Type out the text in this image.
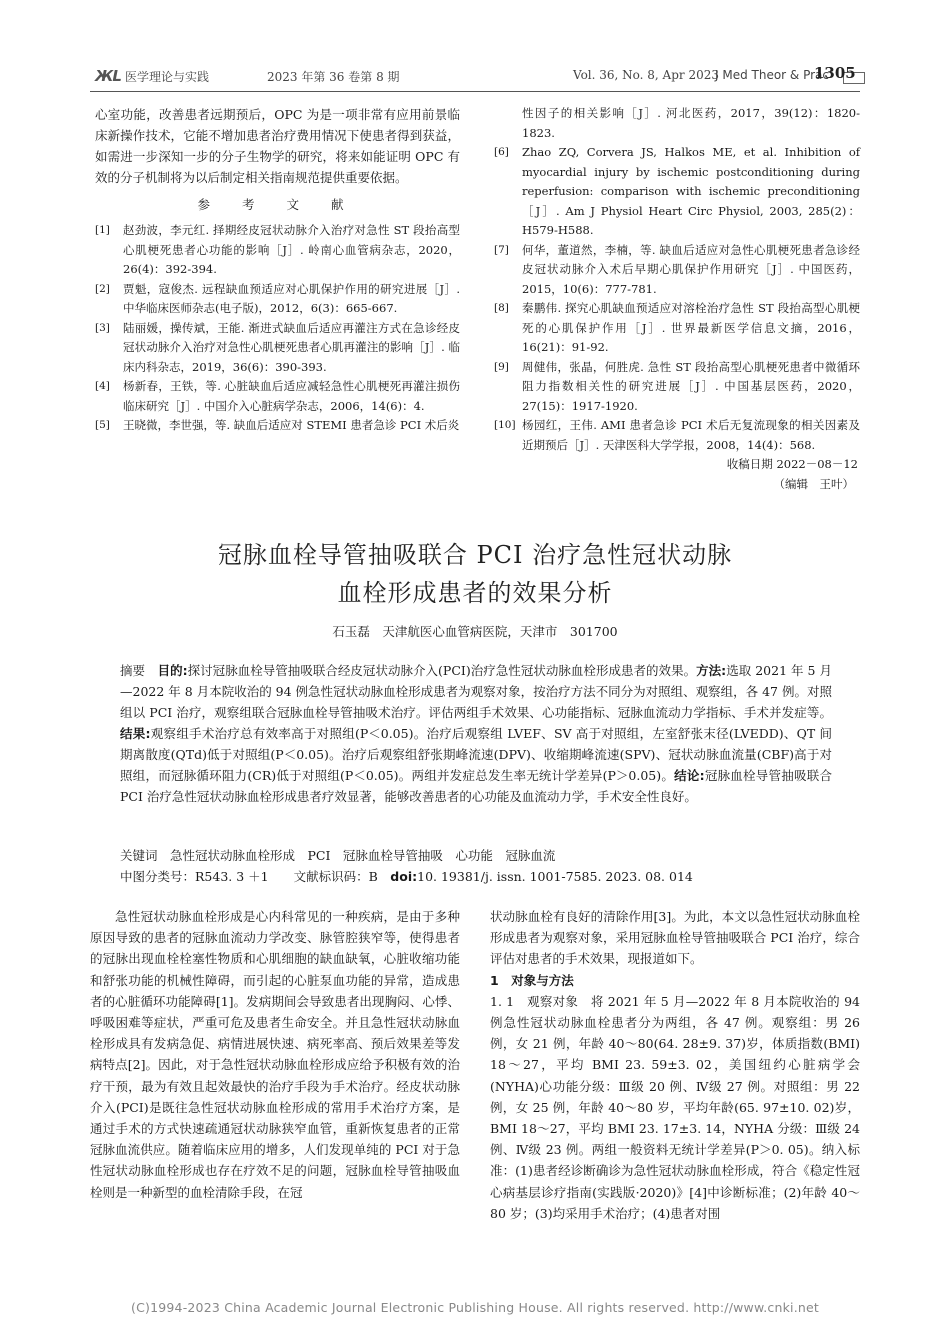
ЖL 医学理论与实践	2023 年第 36 卷第 8 期	Vol. 36, No. 8, Apr 2023
J Med Theor & Prac
1305

心室功能，改善患者远期预后，OPC 为是一项非常有应用前景临床新操作技术，它能不增加患者治疗费用情况下使患者得到获益，如需进一步深知一步的分子生物学的研究，将来如能证明 OPC 有效的分子机制将为以后制定相关指南规范提供重要依据。

参 考 文 献
[1]	赵劲波，李元红. 择期经皮冠状动脉介入治疗对急性 ST 段抬高型心肌梗死患者心功能的影响［J］. 岭南心血管病杂志，2020，26(4)：392-394.
[2]	贾魁，寇俊杰. 远程缺血预适应对心肌保护作用的研究进展［J］. 中华临床医师杂志(电子版)，2012，6(3)：665-667.
[3]	陆丽媛，操传斌，王能. 渐进式缺血后适应再灌注方式在急诊经皮冠状动脉介入治疗对急性心肌梗死患者心肌再灌注的影响［J］. 临床内科杂志，2019，36(6)：390-393.
[4]	杨新春，王铁，等. 心脏缺血后适应减轻急性心肌梗死再灌注损伤临床研究［J］. 中国介入心脏病学杂志，2006，14(6)：4.
[5]	王晓微，李世强，等. 缺血后适应对 STEMI 患者急诊 PCI 术后炎
性因子的相关影响［J］. 河北医药，2017，39(12)：1820-1823.
[6]	Zhao ZQ, Corvera JS, Halkos ME, et al. Inhibition of myocardial injury by ischemic postconditioning during reperfusion: comparison with ischemic preconditioning［J］. Am J Physiol Heart Circ Physiol, 2003, 285(2)：H579-H588.
[7]	何华，董道然，李楠，等. 缺血后适应对急性心肌梗死患者急诊经皮冠状动脉介入术后早期心肌保护作用研究［J］. 中国医药，2015，10(6)：777-781.
[8]	秦鹏伟. 探究心肌缺血预适应对溶栓治疗急性 ST 段抬高型心肌梗死的心肌保护作用［J］. 世界最新医学信息文摘，2016，16(21)：91-92.
[9]	周健伟，张晶，何胜虎. 急性 ST 段抬高型心肌梗死患者中微循环阻力指数相关性的研究进展［J］. 中国基层医药，2020，27(15)：1917-1920.
[10] 杨园红，王伟. AMI 患者急诊 PCI 术后无复流现象的相关因素及近期预后［J］. 天津医科大学学报，2008，14(4)：568.
收稿日期 2022－08－12
（编辑　王叶）
冠脉血栓导管抽吸联合 PCI 治疗急性冠状动脉
血栓形成患者的效果分析
石玉磊　天津航医心血管病医院，天津市　301700
摘要　 目的:探讨冠脉血栓导管抽吸联合经皮冠状动脉介入(PCI)治疗急性冠状动脉血栓形成患者的效果。方法:选取 2021 年 5 月—2022 年 8 月本院收治的 94 例急性冠状动脉血栓形成患者为观察对象，按治疗方法不同分为对照组、观察组，各 47 例。对照组以 PCI 治疗，观察组联合冠脉血栓导管抽吸术治疗。评估两组手术效果、心功能指标、冠脉血流动力学指标、手术并发症等。结果:观察组手术治疗总有效率高于对照组(P＜0.05)。治疗后观察组 LVEF、SV 高于对照组，左室舒张末径(LVEDD)、QT 间期离散度(QTd)低于对照组(P＜0.05)。治疗后观察组舒张期峰流速(DPV)、收缩期峰流速(SPV)、冠状动脉血流量(CBF)高于对照组，而冠脉循环阻力(CR)低于对照组(P＜0.05)。两组并发症总发生率无统计学差异(P＞0.05)。结论:冠脉血栓导管抽吸联合 PCI 治疗急性冠状动脉血栓形成患者疗效显著，能够改善患者的心功能及血流动力学，手术安全性良好。
关键词　急性冠状动脉血栓形成　PCI　冠脉血栓导管抽吸　心功能　冠脉血流
中图分类号：R543. 3 ＋1　　文献标识码：B　doi:10. 19381/j. issn. 1001-7585. 2023. 08. 014

急性冠状动脉血栓形成是心内科常见的一种疾病，是由于多种原因导致的患者的冠脉血流动力学改变、脉管腔狭窄等，使得患者的冠脉出现血栓栓塞性物质和心肌细胞的缺血缺氧，心脏收缩功能和舒张功能的机械性障碍，而引起的心脏泵血功能的异常，造成患者的心脏循环功能障碍[1]。发病期间会导致患者出现胸闷、心悸、呼吸困难等症状，严重可危及患者生命安全。并且急性冠状动脉血栓形成具有发病急促、病情进展快速、病死率高、预后效果差等发病特点[2]。因此，对于急性冠状动脉血栓形成应给予积极有效的治疗干预，最为有效且起效最快的治疗手段为手术治疗。经皮状动脉介入(PCI)是既往急性冠状动脉血栓形成的常用手术治疗方案，是通过手术的方式快速疏通冠状动脉狭窄血管，重新恢复患者的正常冠脉血流供应。随着临床应用的增多，人们发现单纯的 PCI 对于急性冠状动脉血栓形成也存在疗效不足的问题，冠脉血栓导管抽吸血栓则是一种新型的血栓清除手段，在冠

状动脉血栓有良好的清除作用[3]。为此，本文以急性冠状动脉血栓形成患者为观察对象，采用冠脉血栓导管抽吸联合 PCI 治疗，综合评估对患者的手术效果，现报道如下。

1　对象与方法

1. 1　观察对象　将 2021 年 5 月—2022 年 8 月本院收治的 94 例急性冠状动脉血栓患者分为两组，各 47 例。观察组：男 26 例，女 21 例，年龄 40～80(64. 28±9. 37)岁，体质指数(BMI) 18～27，平均 BMI 23. 59±3. 02，美国纽约心脏病学会(NYHA)心功能分级：Ⅲ级 20 例、Ⅳ级 27 例。对照组：男 22 例，女 25 例，年龄 40～80 岁，平均年龄(65. 97±10. 02)岁，BMI 18～27，平均 BMI 23. 17±3. 14，NYHA 分级：Ⅲ级 24 例、Ⅳ级 23 例。两组一般资料无统计学差异(P＞0. 05)。纳入标准：(1)患者经诊断确诊为急性冠状动脉血栓形成，符合《稳定性冠心病基层诊疗指南(实践版·2020)》[4]中诊断标准；(2)年龄 40～80 岁；(3)均采用手术治疗；(4)患者对围

(C)1994-2023 China Academic Journal Electronic Publishing House. All rights reserved. http://www.cnki.net
